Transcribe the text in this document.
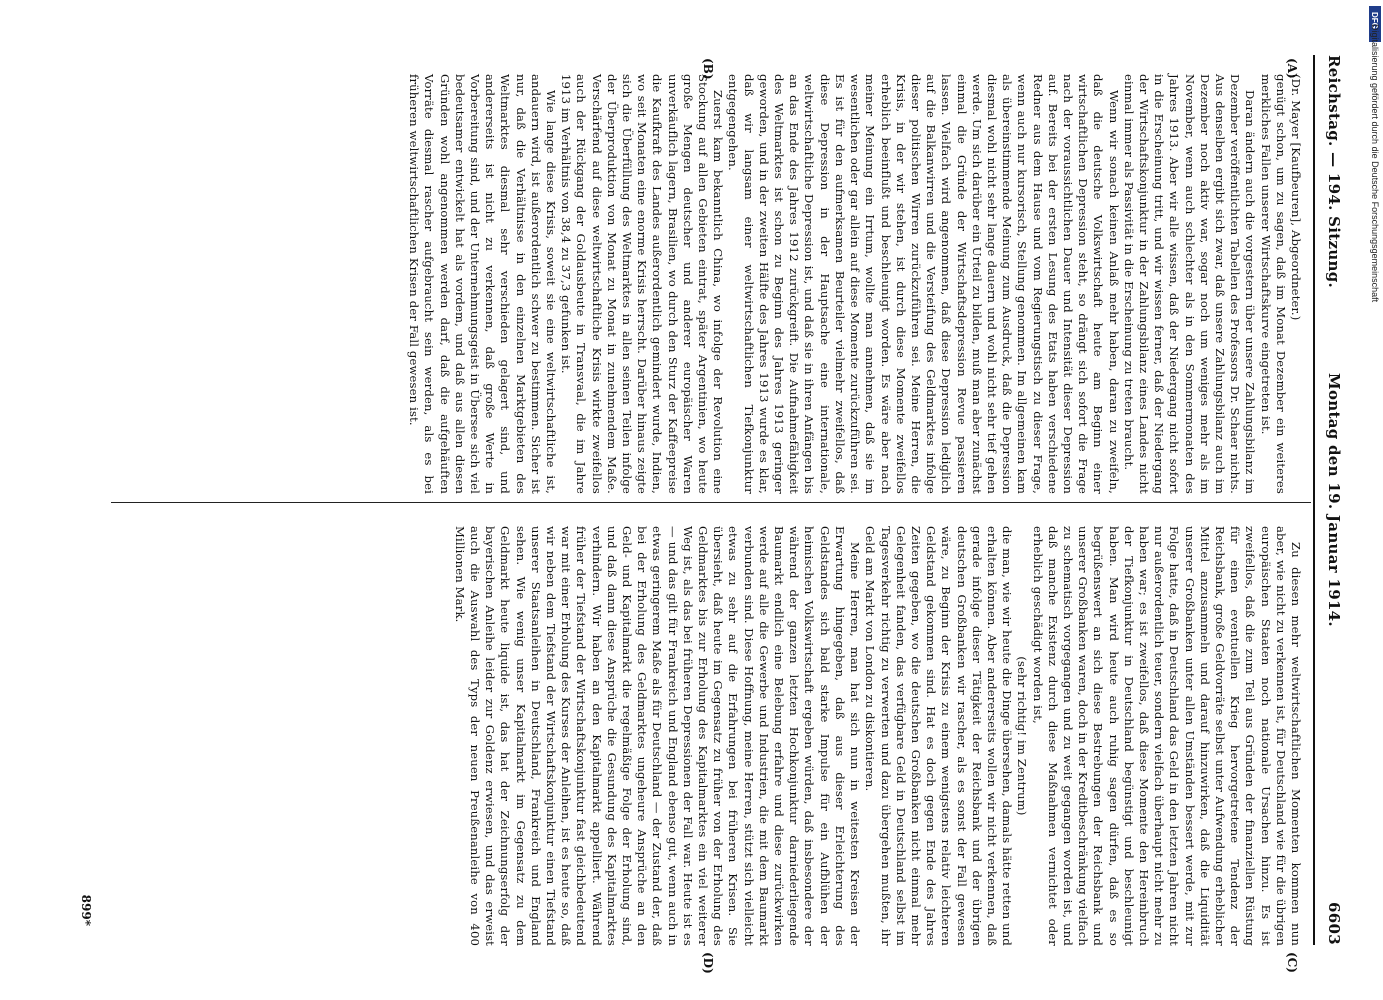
Reichstag. — 194. Sitzung.
Montag den 19. Januar 1914.
6603
(A)
(B)
(C)
(D)

(Dr. Mayer [Kaufbeuren], Abgeordneter.)

genügt schon, um zu sagen, daß im Monat Dezember ein weiteres merkliches Fallen unserer Wirtschaftskurve eingetreten ist.

Daran ändern auch die vorgestern über unsere Zahlungsbilanz im Dezember veröffentlichten Tabellen des Professors Dr. Schaer nichts. Aus denselben ergibt sich zwar, daß unsere Zahlungsbilanz auch im Dezember noch aktiv war, sogar noch um weniges mehr als im November, wenn auch schlechter als in den Sommermonaten des Jahres 1913. Aber wir alle wissen, daß der Niedergang nicht sofort in die Erscheinung tritt, und wir wissen ferner, daß der Niedergang der Wirtschaftskonjunktur in der Zahlungsbilanz eines Landes nicht einmal immer als Passivität in die Erscheinung zu treten braucht.

Wenn wir sonach keinen Anlaß mehr haben, daran zu zweifeln, daß die deutsche Volkswirtschaft heute am Beginn einer wirtschaftlichen Depression steht, so drängt sich sofort die Frage nach der voraussichtlichen Dauer und Intensität dieser Depression auf. Bereits bei der ersten Lesung des Etats haben verschiedene Redner aus dem Hause und vom Regierungstisch zu dieser Frage, wenn auch nur kursorisch, Stellung genommen. Im allgemeinen kam als übereinstimmende Meinung zum Ausdruck, daß die Depression diesmal wohl nicht sehr lange dauern und wohl nicht sehr tief gehen werde. Um sich darüber ein Urteil zu bilden, muß man aber zunächst einmal die Gründe der Wirtschaftsdepression Revue passieren lassen. Vielfach wird angenommen, daß diese Depression lediglich auf die Balkanwirren und die Versteifung des Geldmarktes infolge dieser politischen Wirren zurückzuführen sei. Meine Herren, die Krisis, in der wir stehen, ist durch diese Momente zweifellos erheblich beeinflußt und beschleunigt worden. Es wäre aber nach meiner Meinung ein Irrtum, wollte man annehmen, daß sie im wesentlichen oder gar allein auf diese Momente zurückzuführen sei. Es ist für den aufmerksamen Beurteiler vielmehr zweifellos, daß diese Depression in der Hauptsache eine internationale, weltwirtschaftliche Depression ist, und daß sie in ihren Anfängen bis an das Ende des Jahres 1912 zurückgreift. Die Aufnahmefähigkeit des Weltmarktes ist schon zu Beginn des Jahres 1913 geringer geworden, und in der zweiten Hälfte des Jahres 1913 wurde es klar, daß wir langsam einer weltwirtschaftlichen Tiefkonjunktur entgegengehen.

Zuerst kam bekanntlich China, wo infolge der Revolution eine Stockung auf allen Gebieten eintrat, später Argentinien, wo heute große Mengen deutscher und anderer europäischer Waren unverkäuflich lagern, Brasilien, wo durch den Sturz der Kaffeepreise die Kaufkraft des Landes außerordentlich gemindert wurde, Indien, wo seit Monaten eine enorme Krisis herrscht. Darüber hinaus zeigte sich die Überfüllung des Weltmarktes in allen seinen Teilen infolge der Überproduktion von Monat zu Monat in zunehmendem Maße. Verschärfend auf diese weltwirtschaftliche Krisis wirkte zweifellos auch der Rückgang der Goldausbeute in Transvaal, die im Jahre 1913 im Verhältnis von 38,4 zu 37,3 gefunken ist.

Wie lange diese Krisis, soweit sie eine weltwirtschaftliche ist, andauern wird, ist außerordentlich schwer zu bestimmen. Sicher ist nur, daß die Verhältnisse in den einzelnen Marktgebieten des Weltmarktes diesmal sehr verschieden gelagert sind, und andererseits ist nicht zu verkennen, daß große Werte in Vorbereitung sind, und der Unternehmungsgeist in Übersee sich viel bedeutsamer entwickelt hat als vordem, und daß aus allen diesen Gründen wohl angenommen werden darf, daß die aufgehäuften Vorräte diesmal rascher aufgebraucht sein werden, als es bei früheren weltwirtschaftlichen Krisen der Fall gewesen ist.

Zu diesen mehr weltwirtschaftlichen Momenten kommen nun aber, wie nicht zu verkennen ist, für Deutschland wie für die übrigen europäischen Staaten noch nationale Ursachen hinzu. Es ist zweifellos, daß die zum Teil aus Gründen der finanziellen Rüstung für einen eventuellen Krieg hervorgetretene Tendenz der Reichsbank, große Geldvorräte selbst unter Aufwendung erheblicher Mittel anzusammeln und darauf hinzuwirken, daß die Liquidität unserer Großbanken unter allen Umständen bessert werde, mit zur Folge hatte, daß in Deutschland das Geld in den letzten Jahren nicht nur außerordentlich teuer, sondern vielfach überhaupt nicht mehr zu haben war; es ist zweifellos, daß diese Momente den Hereinbruch der Tiefkonjunktur in Deutschland begünstigt und beschleunigt haben. Man wird heute auch ruhig sagen dürfen, daß es so begrüßenswert an sich diese Bestrebungen der Reichsbank und unserer Großbanken waren, doch in der Kreditbeschränkung vielfach zu schematisch vorgegangen und zu weit gegangen worden ist, und daß manche Existenz durch diese Maßnahmen vernichtet oder erheblich geschädigt worden ist,

(sehr richtig! im Zentrum)

die man, wie wir heute die Dinge übersehen, damals hätte retten und erhalten können. Aber andererseits wollen wir nicht verkennen, daß gerade infolge dieser Tätigkeit der Reichsbank und der übrigen deutschen Großbanken wir rascher, als es sonst der Fall gewesen wäre, zu Beginn der Krisis zu einem wenigstens relativ leichteren Geldstand gekommen sind. Hat es doch gegen Ende des Jahres Zeiten gegeben, wo die deutschen Großbanken nicht einmal mehr Gelegenheit fanden, das verfügbare Geld in Deutschland selbst im Tagesverkehr richtig zu verwerten und dazu übergehen mußten, ihr Geld am Markt von London zu diskontieren.

Meine Herren, man hat sich nun in weitesten Kreisen der Erwartung hingegeben, daß aus dieser Erleichterung des Geldstandes sich bald starke Impulse für ein Aufblühen der heimischen Volkswirtschaft ergeben würden, daß insbesondere der während der ganzen letzten Hochkonjunktur darniederliegende Baumarkt endlich eine Belebung erfahre und diese zurückwirken werde auf alle die Gewerbe und Industrien, die mit dem Baumarkt verbunden sind. Diese Hoffnung, meine Herren, stützt sich vielleicht etwas zu sehr auf die Erfahrungen bei früheren Krisen. Sie übersieht, daß heute im Gegensatz zu früher von der Erholung des Geldmarktes bis zur Erholung des Kapitalmarktes ein viel weiterer Weg ist, als das bei früheren Depressionen der Fall war. Heute ist es — und das gilt für Frankreich und England ebenso gut, wenn auch in etwas geringerem Maße als für Deutschland — der Zustand der, daß bei der Erholung des Geldmarktes ungeheure Ansprüche an den Geld- und Kapitalmarkt die regelmäßige Folge der Erholung sind, und daß dann diese Ansprüche die Gesundung des Kapitalmarktes verhindern. Wir haben an den Kapitalmarkt appelliert. Während früher der Tiefstand der Wirtschaftskonjunktur fast gleichbedeutend war mit einer Erholung des Kurses der Anleihen, ist es heute so, daß wir neben dem Tiefstand der Wirtschaftskonjunktur einen Tiefstand unserer Staatsanleihen in Deutschland, Frankreich und England sehen. Wie wenig unser Kapitalmarkt im Gegensatz zu dem Geldmarkt heute liquide ist, das hat der Zeichnungserfolg der bayerischen Anleihe leider zur Goldenz erwiesen, und das erweist auch die Auswahl des Typs der neuen Preußenanleihe von 400 Millionen Mark.

899*
DFG
Digitalisierung gefördert durch die Deutsche Forschungsgemeinschaft
